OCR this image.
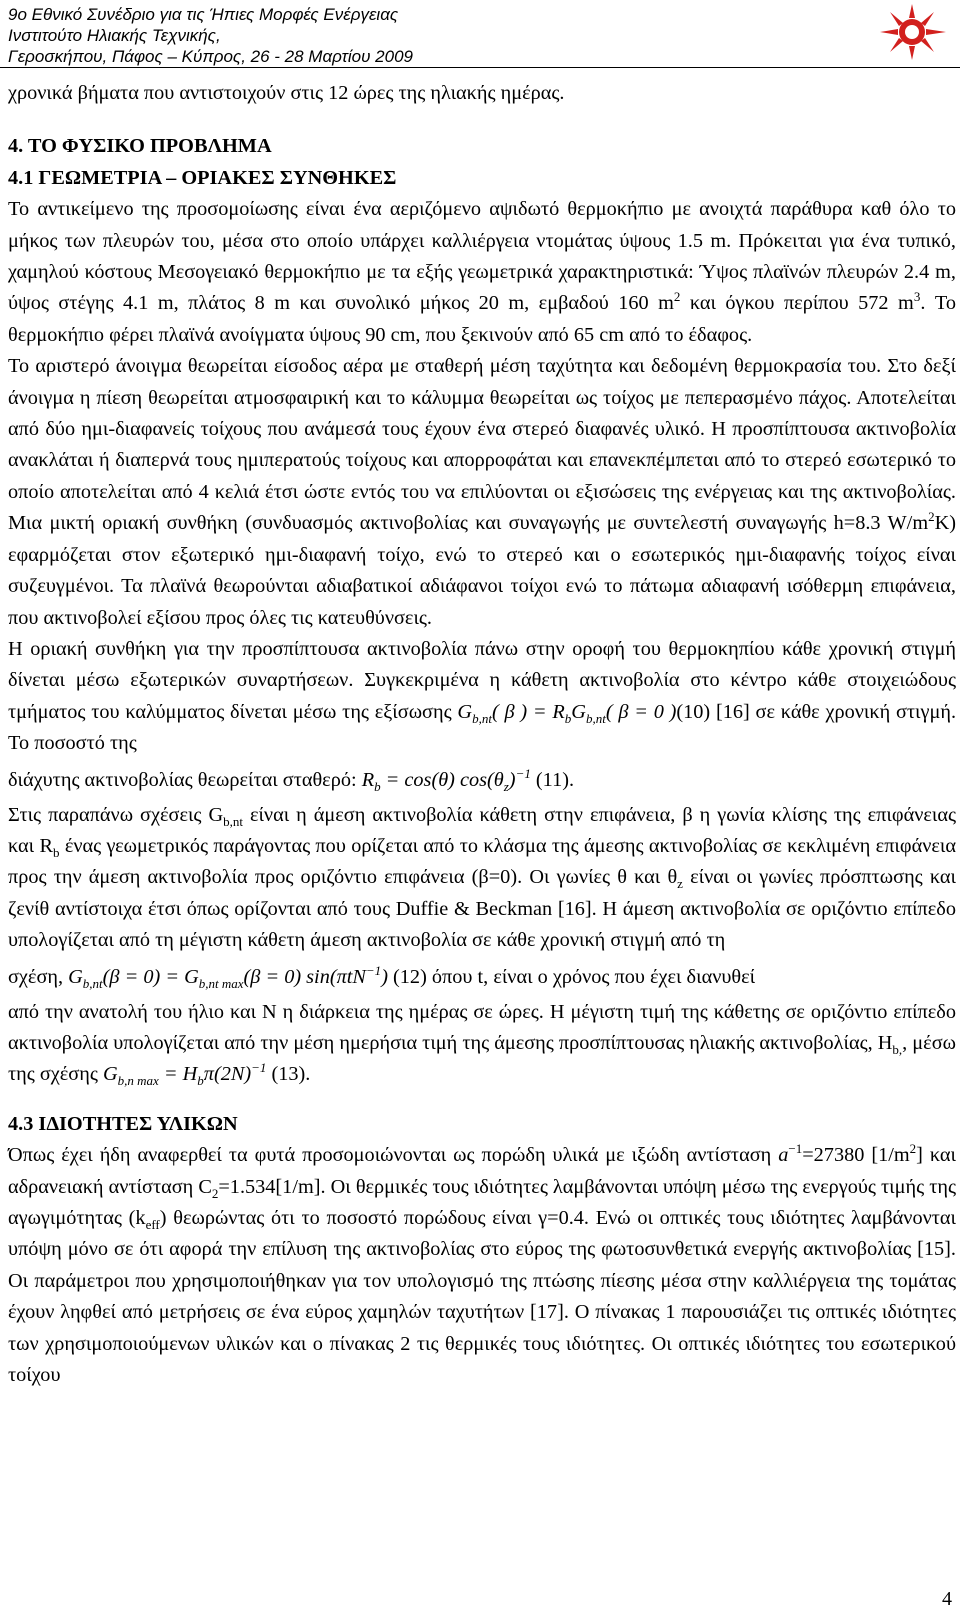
9ο Εθνικό Συνέδριο για τις Ήπιες Μορφές Ενέργειας
Ινστιτούτο Ηλιακής Τεχνικής,
Γεροσκήπου, Πάφος – Κύπρος, 26 - 28 Μαρτίου 2009

χρονικά βήματα που αντιστοιχούν στις 12 ώρες της ηλιακής ημέρας.

4. ΤΟ ΦΥΣΙΚΟ ΠΡΟΒΛΗΜΑ

4.1 ΓΕΩΜΕΤΡΙΑ – ΟΡΙΑΚΕΣ ΣΥΝΘΗΚΕΣ

Το αντικείμενο της προσομοίωσης είναι ένα αεριζόμενο αψιδωτό θερμοκήπιο με ανοιχτά παράθυρα καθ όλο το μήκος των πλευρών του, μέσα στο οποίο υπάρχει καλλιέργεια ντομάτας ύψους 1.5 m. Πρόκειται για ένα τυπικό, χαμηλού κόστους Μεσογειακό θερμοκήπιο με τα εξής γεωμετρικά χαρακτηριστικά: Ύψος πλαϊνών πλευρών 2.4 m, ύψος στέγης 4.1 m, πλάτος 8 m και συνολικό μήκος 20 m, εμβαδού 160 $m^2$ και όγκου περίπου 572 $m^3$. Το θερμοκήπιο φέρει πλαϊνά ανοίγματα ύψους 90 cm, που ξεκινούν από 65 cm από το έδαφος.

Το αριστερό άνοιγμα θεωρείται είσοδος αέρα με σταθερή μέση ταχύτητα και δεδομένη θερμοκρασία του. Στο δεξί άνοιγμα η πίεση θεωρείται ατμοσφαιρική και το κάλυμμα θεωρείται ως τοίχος με πεπερασμένο πάχος. Αποτελείται από δύο ημι-διαφανείς τοίχους που ανάμεσά τους έχουν ένα στερεό διαφανές υλικό. Η προσπίπτουσα ακτινοβολία ανακλάται ή διαπερνά τους ημιπερατούς τοίχους και απορροφάται και επανεκπέμπεται από το στερεό εσωτερικό το οποίο αποτελείται από 4 κελιά έτσι ώστε εντός του να επιλύονται οι εξισώσεις της ενέργειας και της ακτινοβολίας. Μια μικτή οριακή συνθήκη (συνδυασμός ακτινοβολίας και συναγωγής με συντελεστή συναγωγής h=8.3 $W/m^2K$) εφαρμόζεται στον εξωτερικό ημι-διαφανή τοίχο, ενώ το στερεό και ο εσωτερικός ημι-διαφανής τοίχος είναι συζευγμένοι. Τα πλαϊνά θεωρούνται αδιαβατικοί αδιάφανοι τοίχοι ενώ το πάτωμα αδιαφανή ισόθερμη επιφάνεια, που ακτινοβολεί εξίσου προς όλες τις κατευθύνσεις.

Η οριακή συνθήκη για την προσπίπτουσα ακτινοβολία πάνω στην οροφή του θερμοκηπίου κάθε χρονική στιγμή δίνεται μέσω εξωτερικών συναρτήσεων. Συγκεκριμένα η κάθετη ακτινοβολία στο κέντρο κάθε στοιχειώδους τμήματος του καλύμματος δίνεται μέσω της εξίσωσης $G_{b,nt}$( β ) = $R_bG_{b,nt}$( β = 0 )(10) [16] σε κάθε χρονική στιγμή. Το ποσοστό της

διάχυτης ακτινοβολίας θεωρείται σταθερό: $R_b = \cos(\theta)$ $\cos(\theta_z)^{-1}$ (11).

Στις παραπάνω σχέσεις $G_{b,nt}$ είναι η άμεση ακτινοβολία κάθετη στην επιφάνεια, β η γωνία κλίσης της επιφάνειας και $R_b$ ένας γεωμετρικός παράγοντας που ορίζεται από το κλάσμα της άμεσης ακτινοβολίας σε κεκλιμένη επιφάνεια προς την άμεση ακτινοβολία προς οριζόντιο επιφάνεια (β=0). Οι γωνίες θ και $\theta_z$ είναι οι γωνίες πρόσπτωσης και ζενίθ αντίστοιχα έτσι όπως ορίζονται από τους Duffie & Beckman [16]. Η άμεση ακτινοβολία σε οριζόντιο επίπεδο υπολογίζεται από τη μέγιστη κάθετη άμεση ακτινοβολία σε κάθε χρονική στιγμή από τη

σχέση, $G_{b,nt}(\beta = 0) = G_{b,nt max}(\beta = 0)$ sin(πtN$^{-1}$) (12) όπου t, είναι ο χρόνος που έχει διανυθεί

από την ανατολή του ήλιο και N η διάρκεια της ημέρας σε ώρες. Η μέγιστη τιμή της κάθετης σε οριζόντιο επίπεδο ακτινοβολία υπολογίζεται από την μέση ημερήσια τιμή της άμεσης προσπίπτουσας ηλιακής ακτινοβολίας, $H_{b,}$, μέσω της σχέσης $G_{b,n max} = H_b\pi(2N)^{-1}$ (13).

4.3 ΙΔΙΟΤΗΤΕΣ ΥΛΙΚΩΝ

Όπως έχει ήδη αναφερθεί τα φυτά προσομοιώνονται ως πορώδη υλικά με ιξώδη αντίσταση $a^{-1}=27380$ $[1/m^2]$ και αδρανειακή αντίσταση $C_2=1.534[1/m]$. Οι θερμικές τους ιδιότητες λαμβάνονται υπόψη μέσω της ενεργούς τιμής της αγωγιμότητας $(k_{eff})$ θεωρώντας ότι το ποσοστό πορώδους είναι γ=0.4. Ενώ οι οπτικές τους ιδιότητες λαμβάνονται υπόψη μόνο σε ότι αφορά την επίλυση της ακτινοβολίας στο εύρος της φωτοσυνθετικά ενεργής ακτινοβολίας [15]. Οι παράμετροι που χρησιμοποιήθηκαν για τον υπολογισμό της πτώσης πίεσης μέσα στην καλλιέργεια της τομάτας έχουν ληφθεί από μετρήσεις σε ένα εύρος χαμηλών ταχυτήτων [17]. Ο πίνακας 1 παρουσιάζει τις οπτικές ιδιότητες των χρησιμοποιούμενων υλικών και ο πίνακας 2 τις θερμικές τους ιδιότητες. Οι οπτικές ιδιότητες του εσωτερικού τοίχου

4
